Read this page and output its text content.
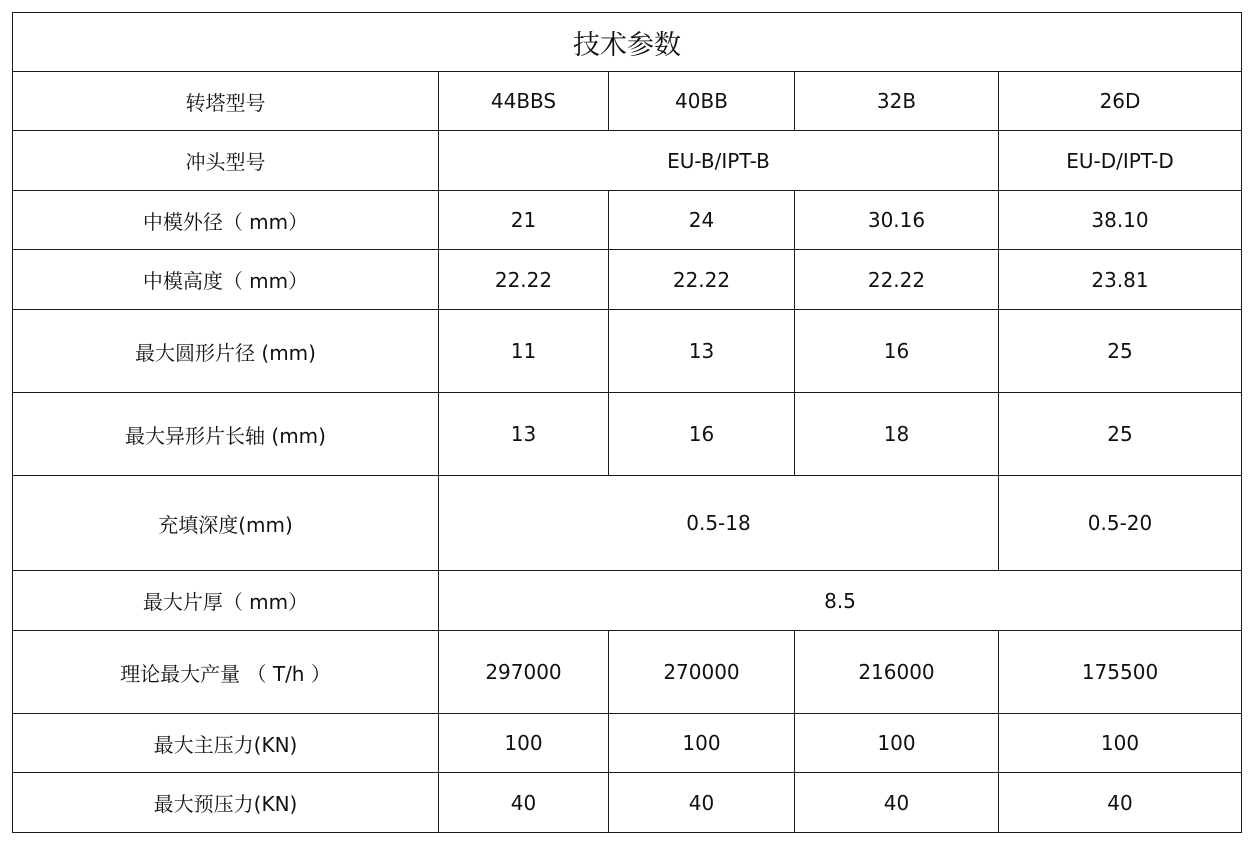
技术参数				
转塔型号	44BBS	40BB	32B	26D
冲头型号	EU-B/IPT-B			EU-D/IPT-D
中模外径（ mm）	21	24	30.16	38.10
中模高度（ mm）	22.22	22.22	22.22	23.81
最大圆形片径 (mm)	11	13	16	25
最大异形片长轴 (mm)	13	16	18	25
充填深度(mm)	0.5-18			0.5-20
最大片厚（ mm）	8.5			
理论最大产量 （ T/h ）	297000	270000	216000	175500
最大主压力(KN)	100	100	100	100
最大预压力(KN)	40	40	40	40
